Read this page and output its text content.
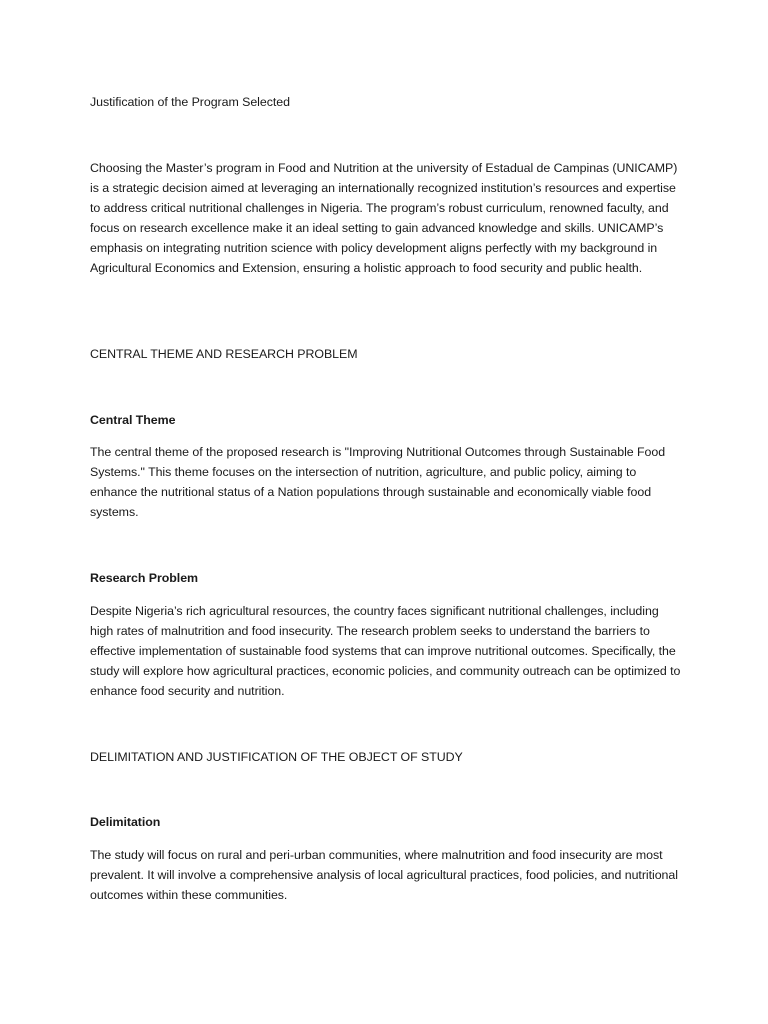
Justification of the Program Selected

Choosing the Master’s program in Food and Nutrition at the university of Estadual de Campinas (UNICAMP) is a strategic decision aimed at leveraging an internationally recognized institution’s resources and expertise to address critical nutritional challenges in Nigeria. The program’s robust curriculum, renowned faculty, and focus on research excellence make it an ideal setting to gain advanced knowledge and skills. UNICAMP’s emphasis on integrating nutrition science with policy development aligns perfectly with my background in Agricultural Economics and Extension, ensuring a holistic approach to food security and public health.

CENTRAL THEME AND RESEARCH PROBLEM

Central Theme

The central theme of the proposed research is "Improving Nutritional Outcomes through Sustainable Food Systems." This theme focuses on the intersection of nutrition, agriculture, and public policy, aiming to enhance the nutritional status of a Nation populations through sustainable and economically viable food systems.

Research Problem

Despite Nigeria’s rich agricultural resources, the country faces significant nutritional challenges, including high rates of malnutrition and food insecurity. The research problem seeks to understand the barriers to effective implementation of sustainable food systems that can improve nutritional outcomes. Specifically, the study will explore how agricultural practices, economic policies, and community outreach can be optimized to enhance food security and nutrition.

DELIMITATION AND JUSTIFICATION OF THE OBJECT OF STUDY

Delimitation

The study will focus on rural and peri-urban communities, where malnutrition and food insecurity are most prevalent. It will involve a comprehensive analysis of local agricultural practices, food policies, and nutritional outcomes within these communities.
